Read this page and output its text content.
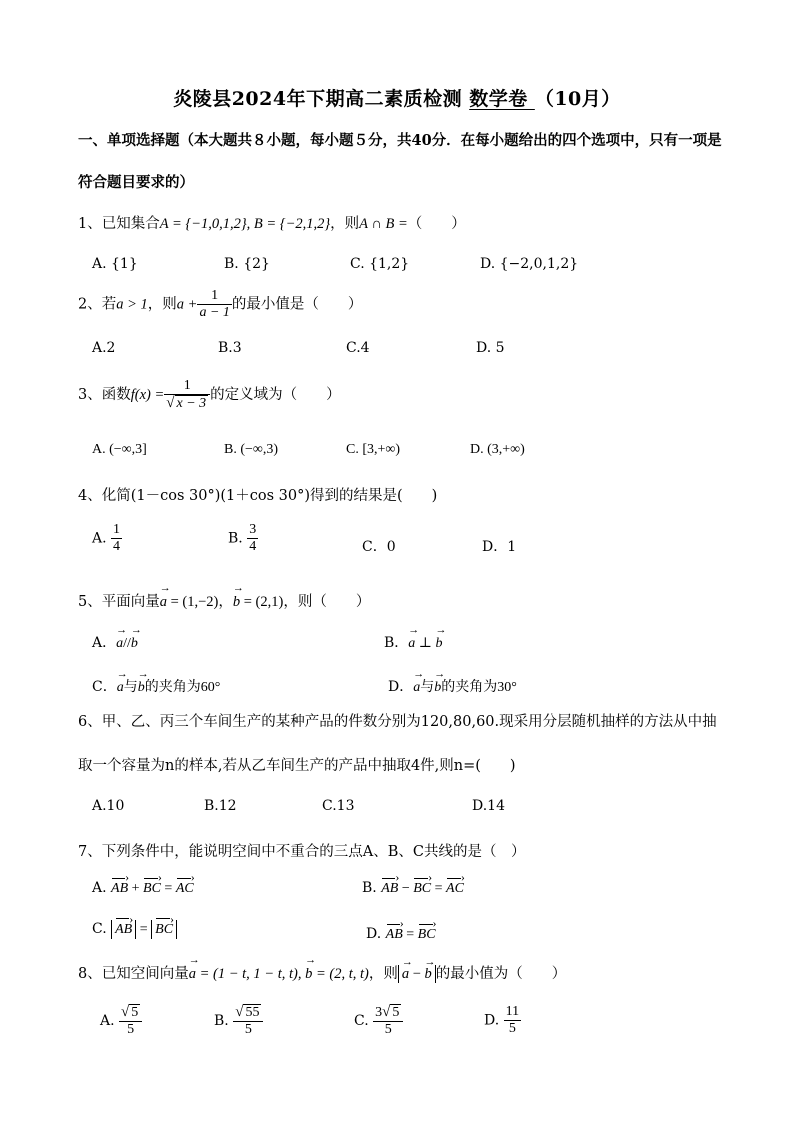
炎陵县2024年下期高二素质检测 数学卷 （10月）
一、单项选择题（本大题共８小题，每小题５分，共40分．在每小题给出的四个选项中，只有一项是符合题目要求的）
1、已知集合A = {−1,0,1,2}, B = {−2,1,2}，则A ∩ B =（　　）
A. {1}	B. {2}	C. {1,2}	D. {−2,0,1,2}
2、若a > 1，则$a + \frac{1}{a - 1}$ 的最小值是（　　）
A.2	B.3	C.4	D. 5
3、函数$f(x) = \frac{1}{√ x - 3}$ 的定义域为（　　）
A. (−∞,3]	B. (−∞,3)	C. [3,+∞)	D. (3,+∞)
4、化简(1－cos 30°)(1＋cos 30°)得到的结果是(　　)
A. $\frac{1}{4}$	B. $\frac{3}{4}$	C．0	D．1
5、平面向量→ a = (1,−2)，→ b = (2,1)，则（　　）
A．→ a//→ b	B．→ a ⊥ → b
C．→ a与→ b的夹角为60°	D．→ a与→ b的夹角为30°
6、甲、乙、丙三个车间生产的某种产品的件数分别为120,80,60.现采用分层随机抽样的方法从中抽取一个容量为n的样本,若从乙车间生产的产品中抽取4件,则n=(　　)
A.10	B.12	C.13	D.14
7、下列条件中，能说明空间中不重合的三点A、B、C共线的是（　）
A. AB › + BC › = AC ›	B. AB › − BC › = AC ›
C. AB › = BC ›	D. AB › = BC ›
8、已知空间向量→ a = (1 − t, 1 − t, t), → b = (2, t, t)，则→ a − → b 的最小值为（　　）
A. $\frac{√ 5}{5}$	B. $\frac{√ 55}{5}$	C. $\frac{3√ 5}{5}$	D. $\frac{11}{5}$
